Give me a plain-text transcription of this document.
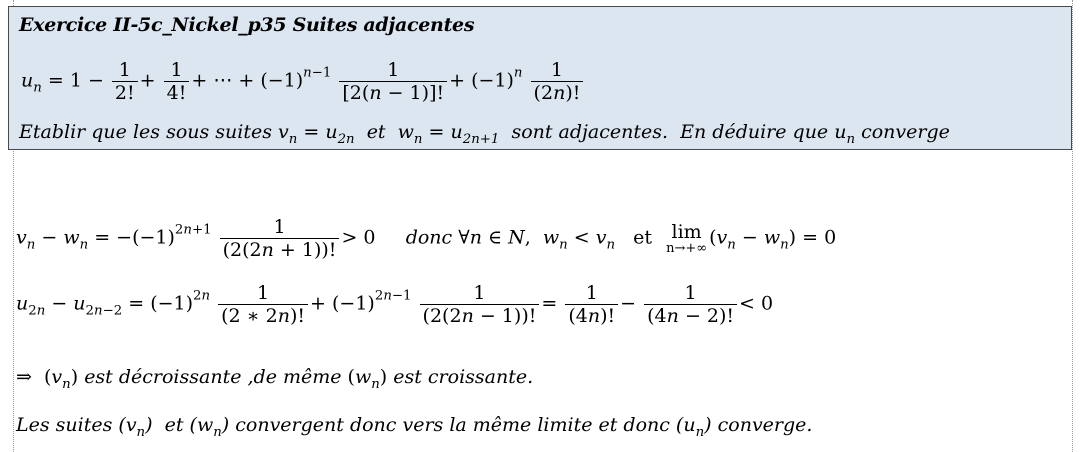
Exercice II-5c_Nickel_p35 Suites adjacentes
$u_n = 1 - \frac{1}{2!} + \frac{1}{4!}$ + ⋯ + $(-1)^{n-1} \frac{1}{[2(n - 1)]!} + (-1)^n \frac{1}{(2n)!}$
Etablir que les sous suites $v_n = u_{2n}$  et  $w_n = u_{2n+1}$  sont adjacentes.  En déduire que $u_n$ converge
$v_n - w_n = -(-1)^{2n+1} \frac{1}{(2(2n + 1))!} > 0$     donc ∀n ∈ N,  $w_n < v_n$   et lim
n→+∞ $(v_n - w_n) = 0$
$u_{2n} - u_{2n-2} = (-1)^{2n} \frac{1}{(2 ∗ 2n)!} + (-1)^{2n-1} \frac{1}{(2(2n - 1))!} = \frac{1}{(4n)!} - \frac{1}{(4n - 2)!} < 0$
⇒  $(v_n)$ est décroissante ,de même $(w_n)$ est croissante.
Les suites $(v_n)$  et $(w_n)$ convergent donc vers la même limite et donc $(u_n)$ converge.
